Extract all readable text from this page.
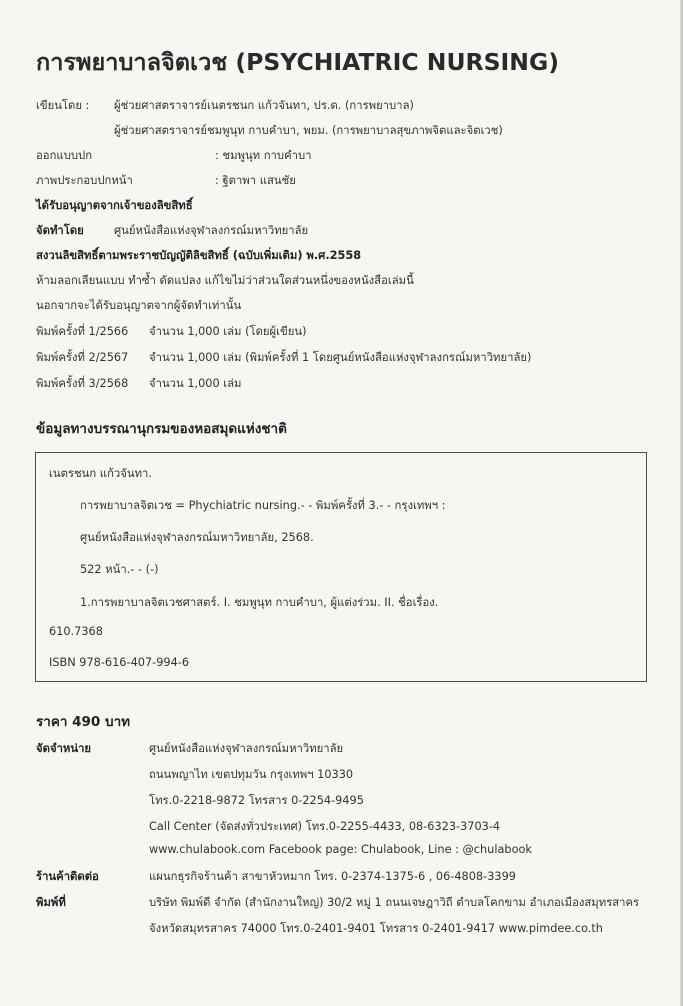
การพยาบาลจิตเวช (PSYCHIATRIC NURSING)
เขียนโดย : ผู้ช่วยศาสตราจารย์เนตรชนก แก้วจันทา, ปร.ด. (การพยาบาล)
ผู้ช่วยศาสตราจารย์ชมพูนุท กาบคำบา, พยม. (การพยาบาลสุขภาพจิตและจิตเวช)
ออกแบบปก	: ชมพูนุท กาบคำบา
ภาพประกอบปกหน้า	: ฐิตาพา แสนชัย
ได้รับอนุญาตจากเจ้าของลิขสิทธิ์
จัดทำโดย	ศูนย์หนังสือแห่งจุฬาลงกรณ์มหาวิทยาลัย
สงวนลิขสิทธิ์ตามพระราชบัญญัติลิขสิทธิ์ (ฉบับเพิ่มเติม) พ.ศ.2558
ห้ามลอกเลียนแบบ ทำซ้ำ ดัดแปลง แก้ไขไม่ว่าส่วนใดส่วนหนึ่งของหนังสือเล่มนี้
นอกจากจะได้รับอนุญาตจากผู้จัดทำเท่านั้น
พิมพ์ครั้งที่ 1/2566 จำนวน 1,000 เล่ม (โดยผู้เขียน)
พิมพ์ครั้งที่ 2/2567 จำนวน 1,000 เล่ม (พิมพ์ครั้งที่ 1 โดยศูนย์หนังสือแห่งจุฬาลงกรณ์มหาวิทยาลัย)
พิมพ์ครั้งที่ 3/2568 จำนวน 1,000 เล่ม
ข้อมูลทางบรรณานุกรมของหอสมุดแห่งชาติ
เนตรชนก แก้วจันทา.
การพยาบาลจิตเวช = Phychiatric nursing.- - พิมพ์ครั้งที่ 3.- - กรุงเทพฯ :
ศูนย์หนังสือแห่งจุฬาลงกรณ์มหาวิทยาลัย, 2568.
522 หน้า.- - (-)
1.การพยาบาลจิตเวชศาสตร์. I. ชมพูนุท กาบคำบา, ผู้แต่งร่วม. II. ชื่อเรื่อง.
610.7368
ISBN 978-616-407-994-6
ราคา 490 บาท
จัดจำหน่าย	ศูนย์หนังสือแห่งจุฬาลงกรณ์มหาวิทยาลัย
ถนนพญาไท เขตปทุมวัน กรุงเทพฯ 10330
โทร.0-2218-9872 โทรสาร 0-2254-9495
Call Center (จัดส่งทั่วประเทศ) โทร.0-2255-4433, 08-6323-3703-4
www.chulabook.com Facebook page: Chulabook, Line : @chulabook
ร้านค้าติดต่อ	แผนกธุรกิจร้านค้า สาขาหัวหมาก โทร. 0-2374-1375-6 , 06-4808-3399
พิมพ์ที่	บริษัท พิมพ์ดี จำกัด (สำนักงานใหญ่) 30/2 หมู่ 1 ถนนเจษฎาวิถี ตำบลโคกขาม อำเภอเมืองสมุทรสาคร
จังหวัดสมุทรสาคร 74000 โทร.0-2401-9401 โทรสาร 0-2401-9417 www.pimdee.co.th
